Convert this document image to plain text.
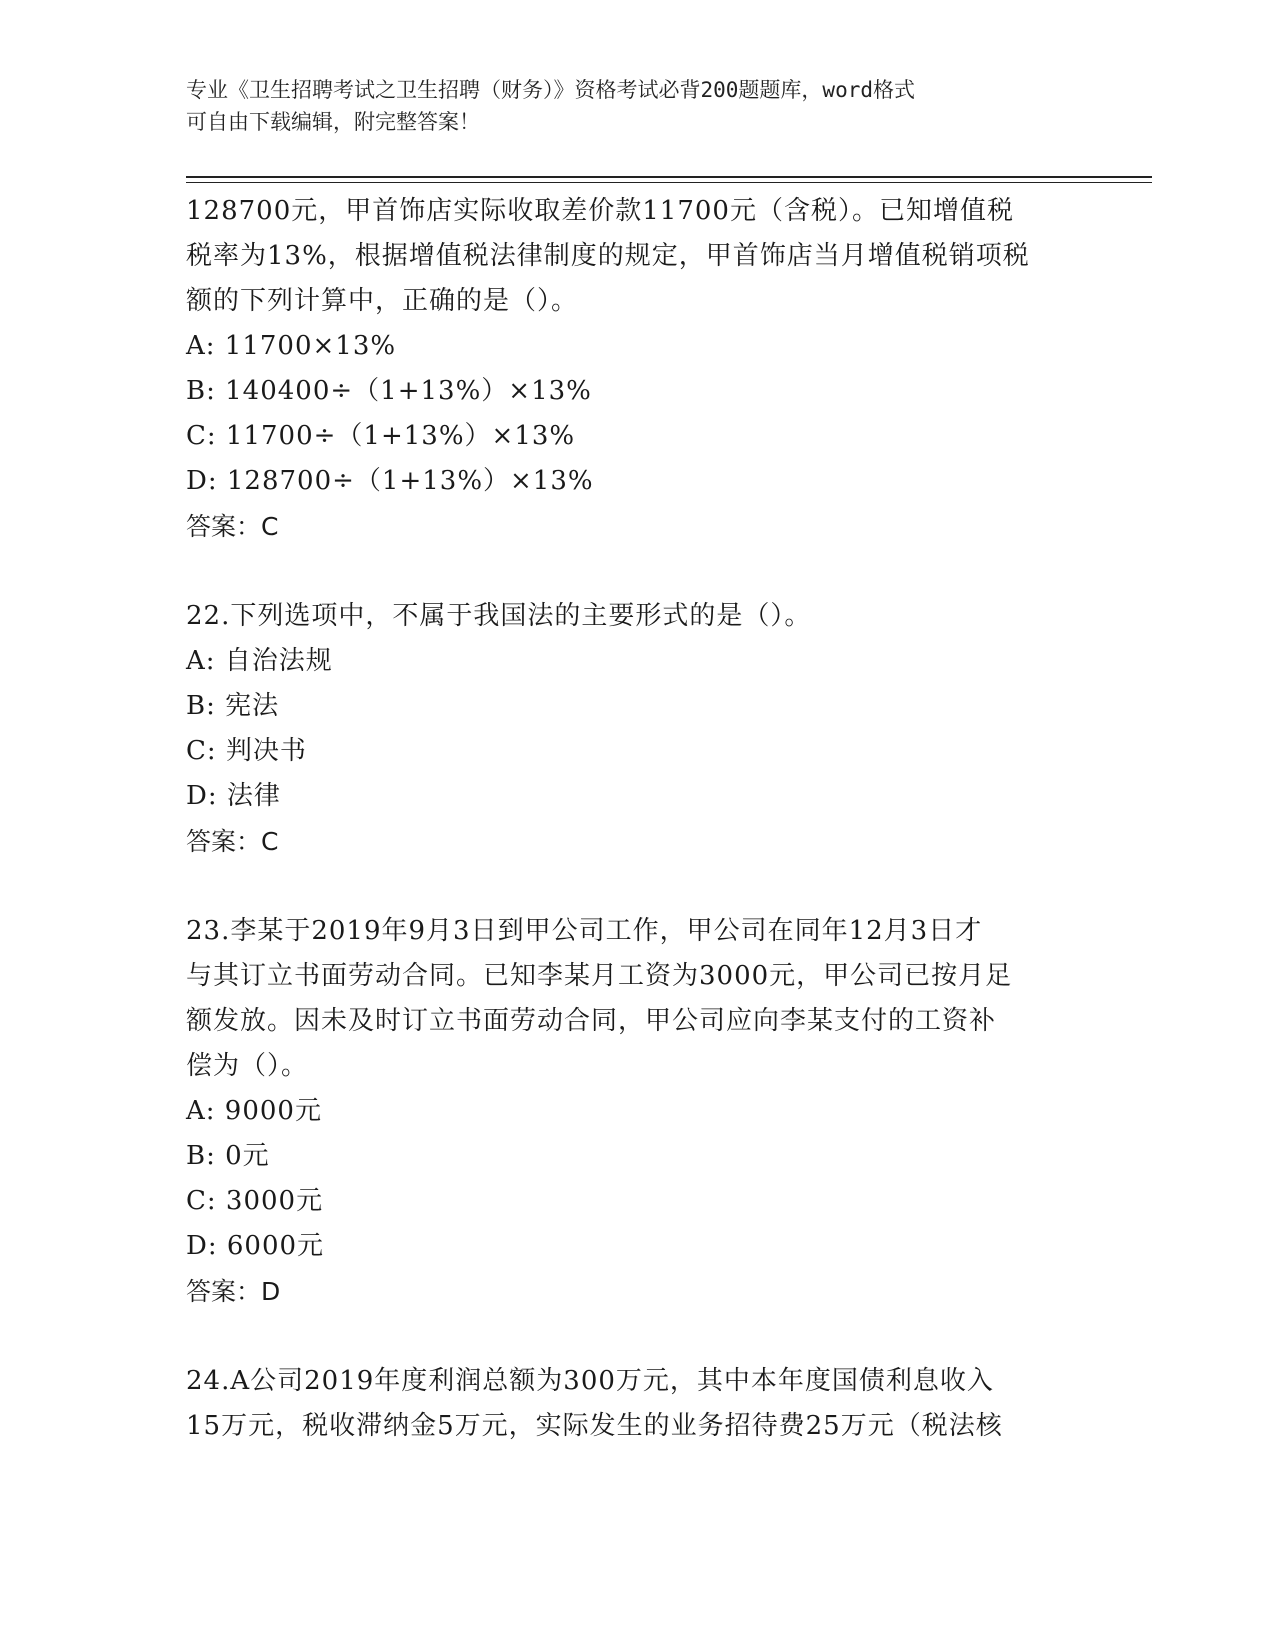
专业《卫生招聘考试之卫生招聘（财务）》资格考试必背200题题库，word格式
可自由下载编辑，附完整答案！
128700元，甲首饰店实际收取差价款11700元（含税）。已知增值税
税率为13%，根据增值税法律制度的规定，甲首饰店当月增值税销项税
额的下列计算中，正确的是（）。
A: 11700×13%
B: 140400÷（1+13%）×13%
C: 11700÷（1+13%）×13%
D: 128700÷（1+13%）×13%
答案：C
22.下列选项中，不属于我国法的主要形式的是（）。
A: 自治法规
B: 宪法
C: 判决书
D: 法律
答案：C
23.李某于2019年9月3日到甲公司工作，甲公司在同年12月3日才
与其订立书面劳动合同。已知李某月工资为3000元，甲公司已按月足
额发放。因未及时订立书面劳动合同，甲公司应向李某支付的工资补
偿为（）。
A: 9000元
B: 0元
C: 3000元
D: 6000元
答案：D
24.A公司2019年度利润总额为300万元，其中本年度国债利息收入
15万元，税收滞纳金5万元，实际发生的业务招待费25万元（税法核
